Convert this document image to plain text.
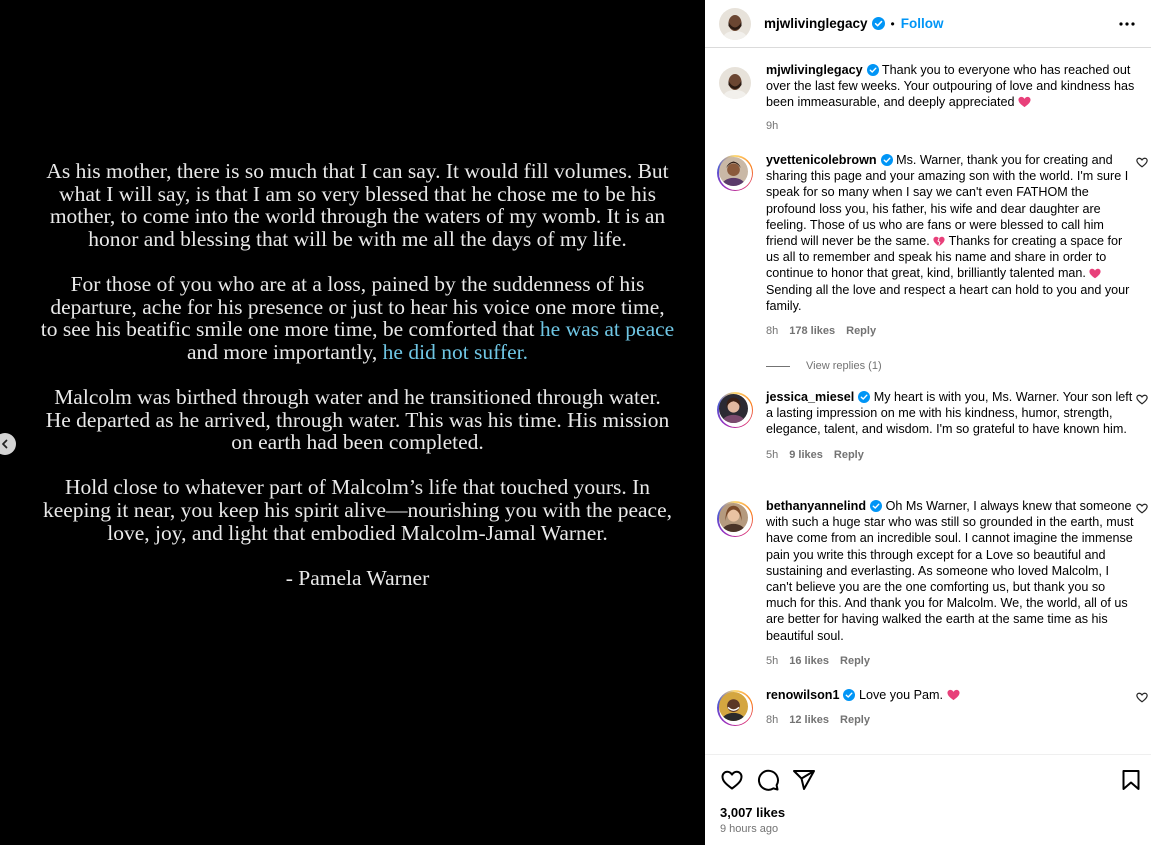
As his mother, there is so much that I can say. It would fill volumes. But what I will say, is that I am so very blessed that he chose me to be his mother, to come into the world through the waters of my womb. It is an honor and blessing that will be with me all the days of my life.

For those of you who are at a loss, pained by the suddenness of his departure, ache for his presence or just to hear his voice one more time, to see his beatific smile one more time, be comforted that he was at peace and more importantly, he did not suffer.

Malcolm was birthed through water and he transitioned through water. He departed as he arrived, through water. This was his time. His mission on earth had been completed.

Hold close to whatever part of Malcolm’s life that touched yours. In keeping it near, you keep his spirit alive—nourishing you with the peace, love, joy, and light that embodied Malcolm-Jamal Warner.

- Pamela Warner

mjwlivinglegacy • Follow
mjwlivinglegacy Thank you to everyone who has reached out over the last few weeks. Your outpouring of love and kindness has been immeasurable, and deeply appreciated
9h
yvettenicolebrown Ms. Warner, thank you for creating and sharing this page and your amazing son with the world. I'm sure I speak for so many when I say we can't even FATHOM the profound loss you, his father, his wife and dear daughter are feeling. Those of us who are fans or were blessed to call him friend will never be the same.  Thanks for creating a space for us all to remember and speak his name and share in order to continue to honor that great, kind, brilliantly talented man.  Sending all the love and respect a heart can hold to you and your family.
8h 178 likes Reply
View replies (1)
jessica_miesel My heart is with you, Ms. Warner. Your son left a lasting impression on me with his kindness, humor, strength, elegance, talent, and wisdom. I'm so grateful to have known him.
5h 9 likes Reply
bethanyannelind Oh Ms Warner, I always knew that someone with such a huge star who was still so grounded in the earth, must have come from an incredible soul. I cannot imagine the immense pain you write this through except for a Love so beautiful and sustaining and everlasting. As someone who loved Malcolm, I can't believe you are the one comforting us, but thank you so much for this. And thank you for Malcolm. We, the world, all of us are better for having walked the earth at the same time as his beautiful soul.
5h 16 likes Reply
renowilson1 Love you Pam.
8h 12 likes Reply
3,007 likes
9 hours ago
